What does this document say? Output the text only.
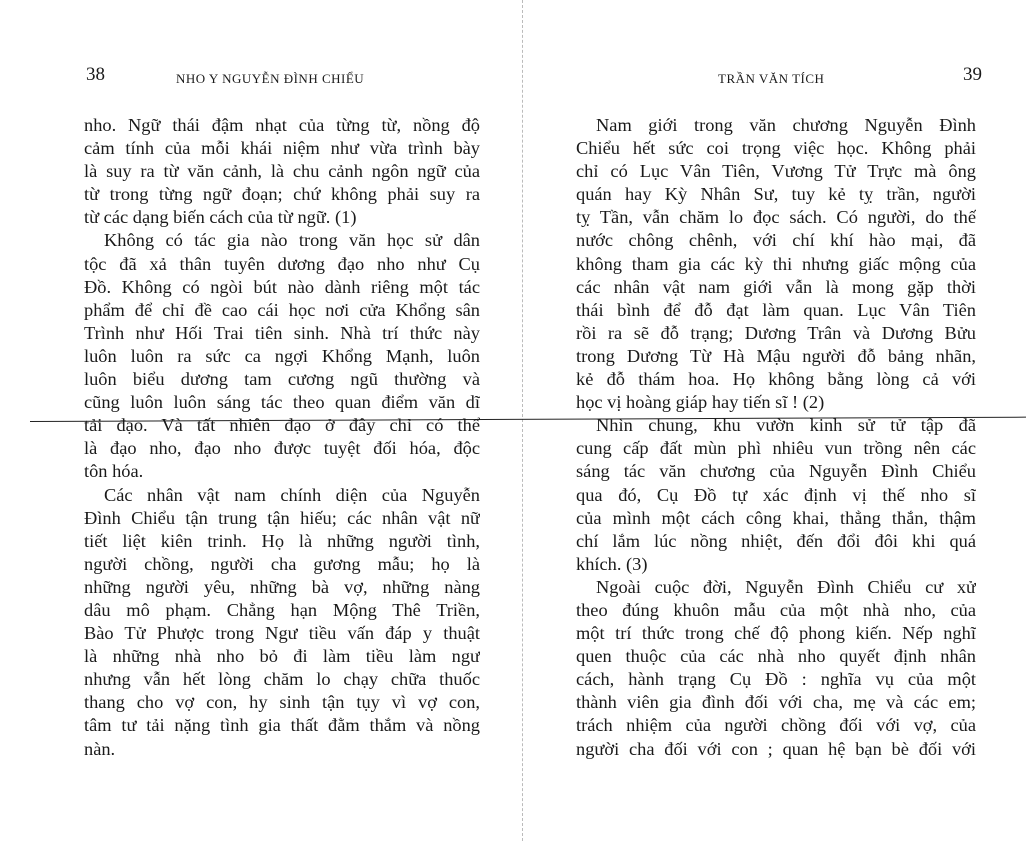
38	NHO Y NGUYỄN ĐÌNH CHIỂU
nho. Ngữ thái đậm nhạt của từng từ, nồng độ
cảm tính của mỗi khái niệm như vừa trình bày
là suy ra từ văn cảnh, là chu cảnh ngôn ngữ của
từ trong từng ngữ đoạn; chứ không phải suy ra
từ các dạng biến cách của từ ngữ. (1)
Không có tác gia nào trong văn học sử dân
tộc đã xả thân tuyên dương đạo nho như Cụ
Đồ. Không có ngòi bút nào dành riêng một tác
phẩm để chỉ đề cao cái học nơi cửa Khổng sân
Trình như Hối Trai tiên sinh. Nhà trí thức này
luôn luôn ra sức ca ngợi Khổng Mạnh, luôn
luôn biểu dương tam cương ngũ thường và
cũng luôn luôn sáng tác theo quan điểm văn dĩ
tải đạo. Và tất nhiên đạo ở đây chỉ có thể
là đạo nho, đạo nho được tuyệt đối hóa, độc
tôn hóa.
Các nhân vật nam chính diện của Nguyễn
Đình Chiểu tận trung tận hiếu; các nhân vật nữ
tiết liệt kiên trinh. Họ là những người tình,
người chồng, người cha gương mẫu; họ là
những người yêu, những bà vợ, những nàng
dâu mô phạm. Chẳng hạn Mộng Thê Triền,
Bào Tử Phược trong Ngư tiều vấn đáp y thuật
là những nhà nho bỏ đi làm tiều làm ngư
nhưng vẫn hết lòng chăm lo chạy chữa thuốc
thang cho vợ con, hy sinh tận tụy vì vợ con,
tâm tư tải nặng tình gia thất đằm thắm và nồng
nàn.
TRẦN VĂN TÍCH	39
Nam giới trong văn chương Nguyễn Đình
Chiểu hết sức coi trọng việc học. Không phải
chỉ có Lục Vân Tiên, Vương Tử Trực mà ông
quán hay Kỳ Nhân Sư, tuy kẻ tỵ trần, người
tỵ Tần, vẫn chăm lo đọc sách. Có người, do thế
nước chông chênh, với chí khí hào mại, đã
không tham gia các kỳ thi nhưng giấc mộng của
các nhân vật nam giới vẫn là mong gặp thời
thái bình để đỗ đạt làm quan. Lục Vân Tiên
rồi ra sẽ đỗ trạng; Dương Trân và Dương Bửu
trong Dương Từ Hà Mậu người đỗ bảng nhãn,
kẻ đỗ thám hoa. Họ không bằng lòng cả với
học vị hoàng giáp hay tiến sĩ ! (2)
Nhìn chung, khu vườn kinh sử tử tập đã
cung cấp đất mùn phì nhiêu vun trồng nên các
sáng tác văn chương của Nguyễn Đình Chiểu
qua đó, Cụ Đồ tự xác định vị thế nho sĩ
của mình một cách công khai, thẳng thắn, thậm
chí lắm lúc nồng nhiệt, đến đổi đôi khi quá
khích. (3)
Ngoài cuộc đời, Nguyễn Đình Chiểu cư xử
theo đúng khuôn mẫu của một nhà nho, của
một trí thức trong chế độ phong kiến. Nếp nghĩ
quen thuộc của các nhà nho quyết định nhân
cách, hành trạng Cụ Đồ : nghĩa vụ của một
thành viên gia đình đối với cha, mẹ và các em;
trách nhiệm của người chồng đối với vợ, của
người cha đối với con ; quan hệ bạn bè đối với
